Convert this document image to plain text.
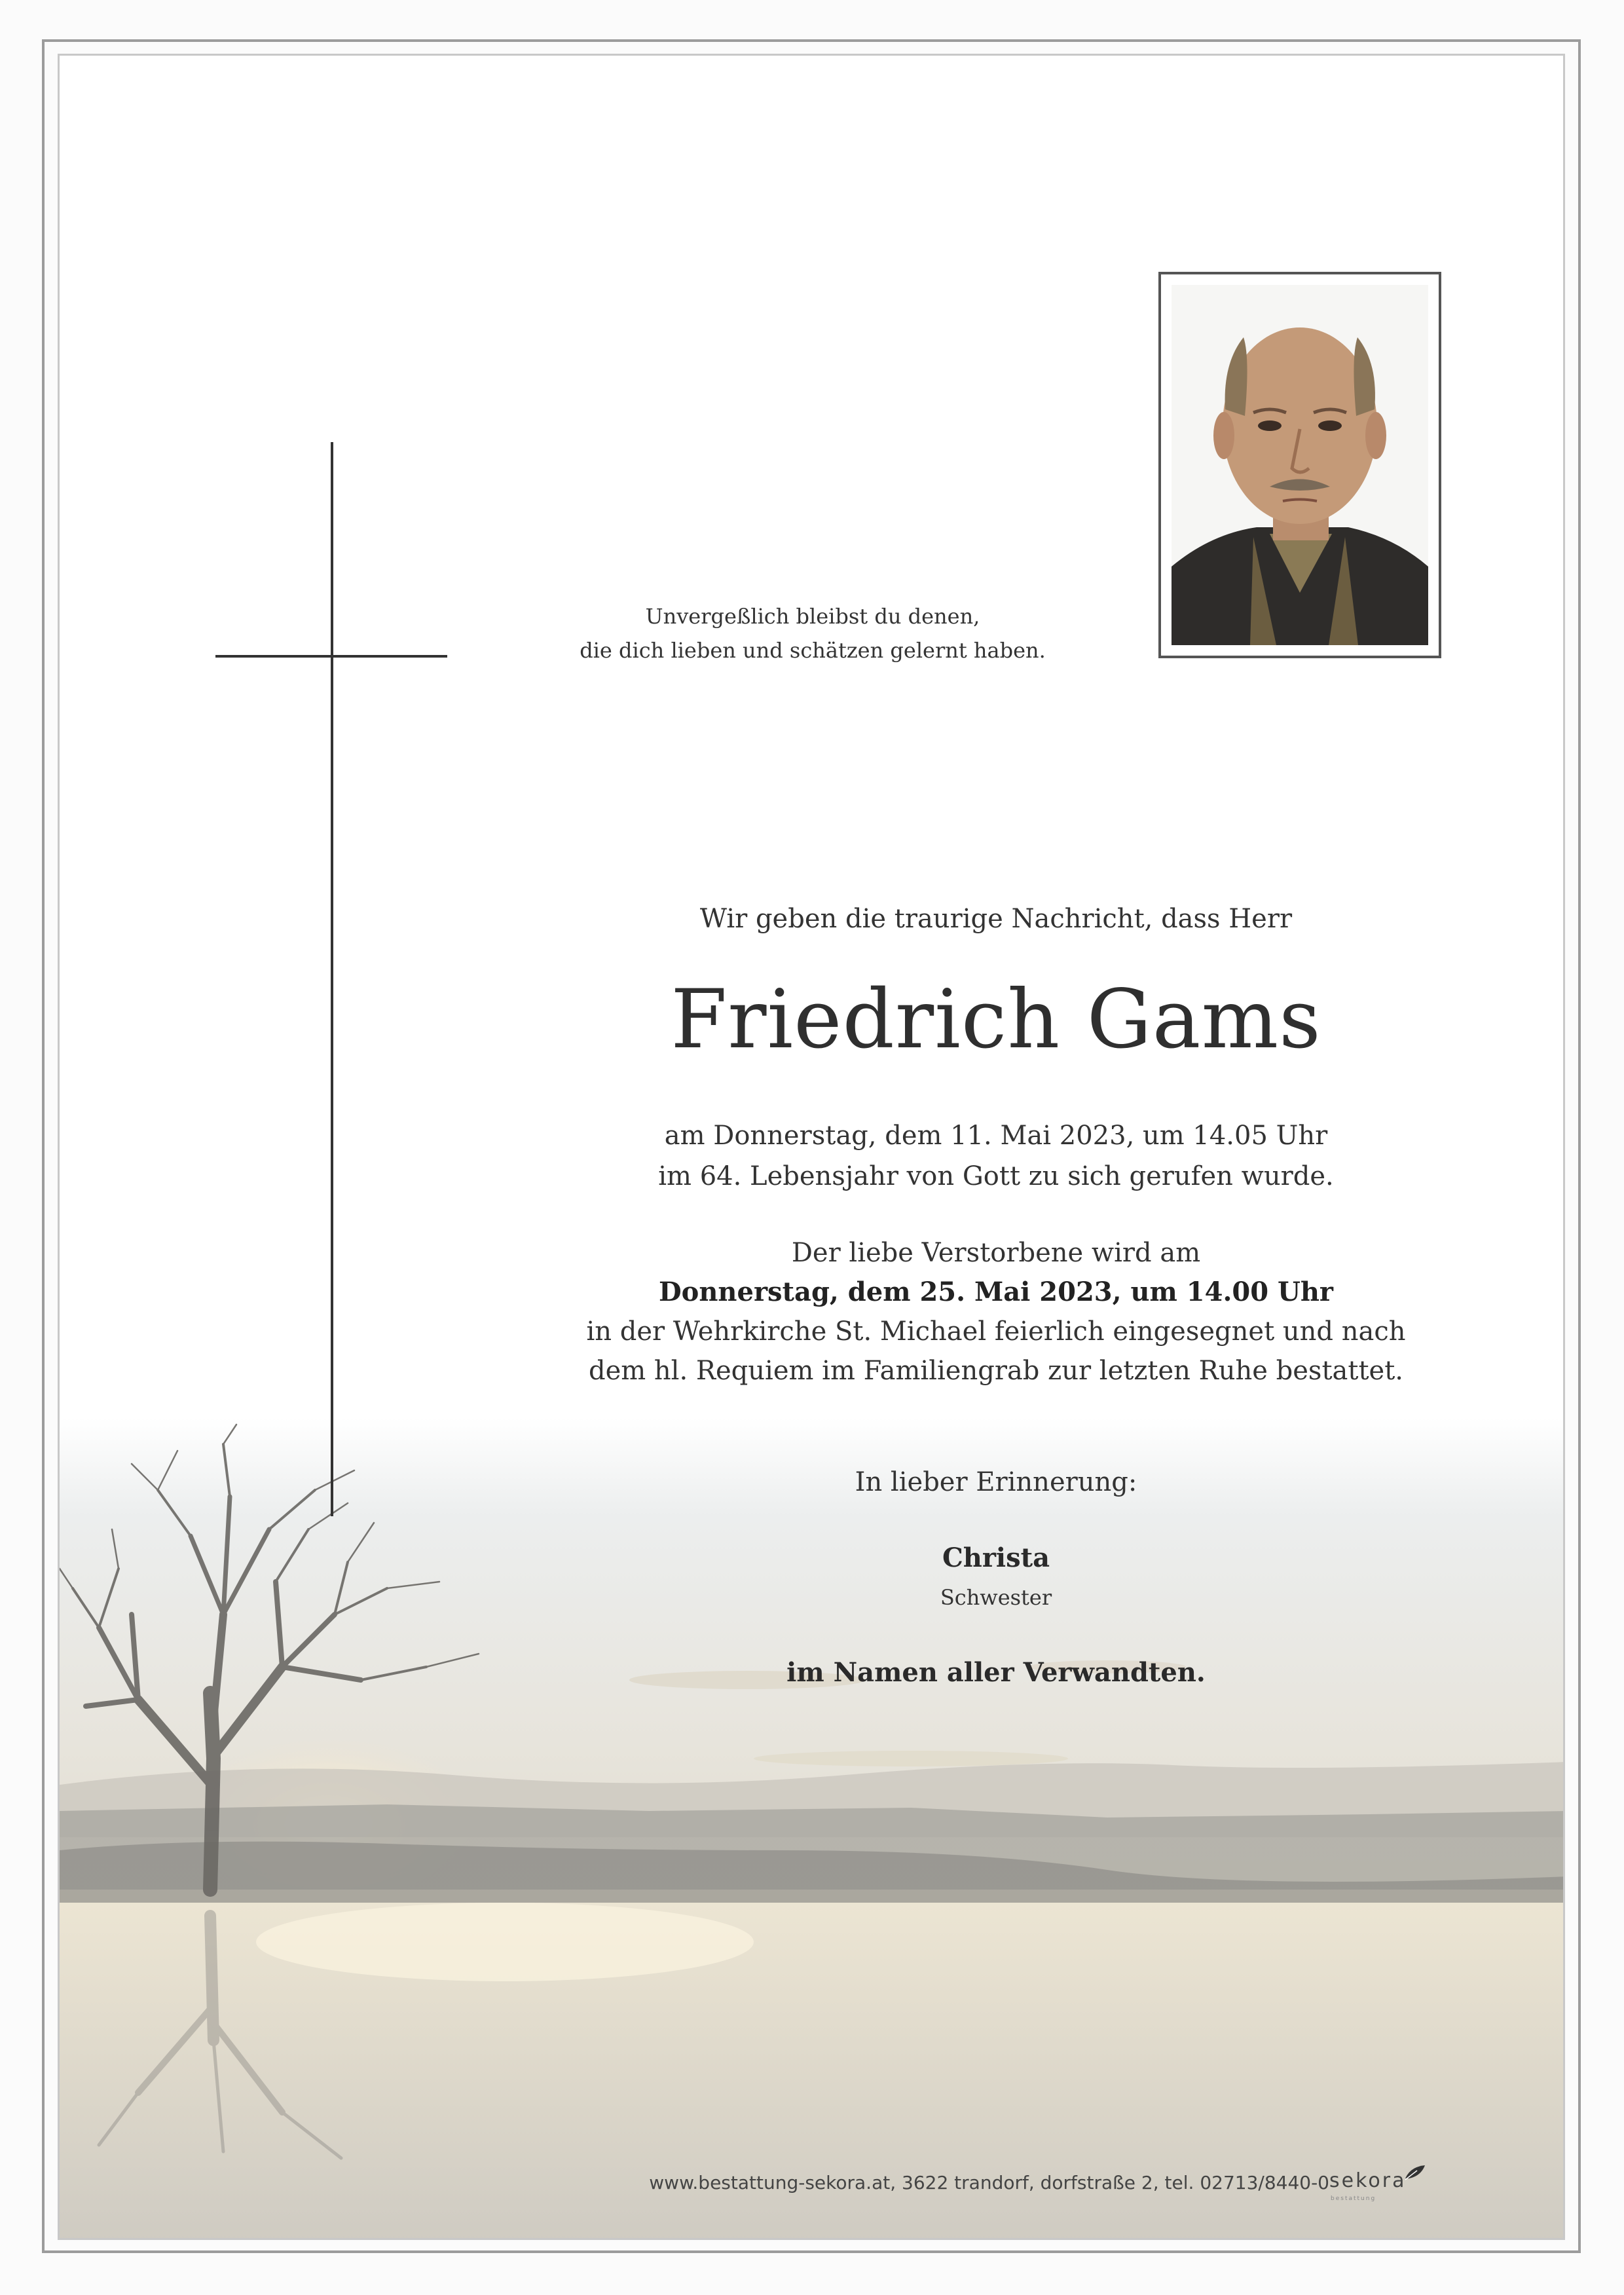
Unvergeßlich bleibst du denen,
die dich lieben und schätzen gelernt haben.
Wir geben die traurige Nachricht, dass Herr
Friedrich Gams
am Donnerstag, dem 11. Mai 2023, um 14.05 Uhr
im 64. Lebensjahr von Gott zu sich gerufen wurde.
Der liebe Verstorbene wird am
Donnerstag, dem 25. Mai 2023, um 14.00 Uhr
in der Wehrkirche St. Michael feierlich eingesegnet und nach
dem hl. Requiem im Familiengrab zur letzten Ruhe bestattet.
In lieber Erinnerung:
Christa
Schwester
im Namen aller Verwandten.
www.bestattung-sekora.at, 3622 trandorf, dorfstraße 2, tel. 02713/8440-0 sekora
bestattung
